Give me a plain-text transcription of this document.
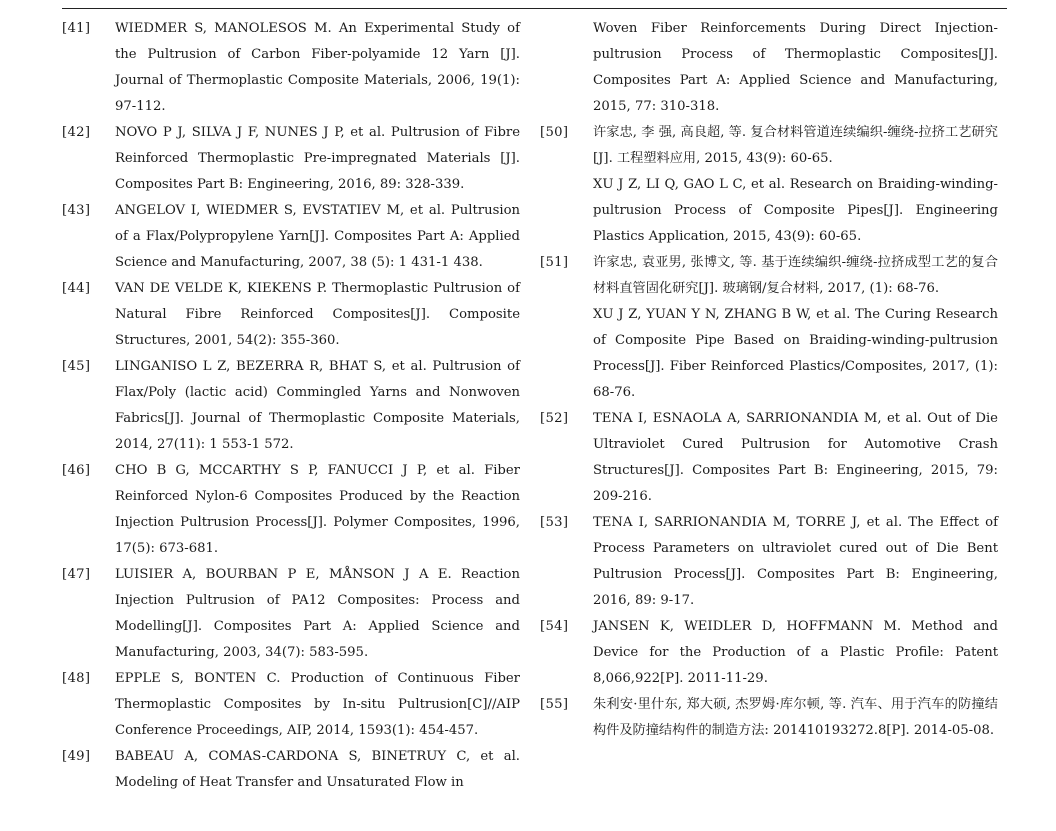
[41]	WIEDMER S, MANOLESOS M. An Experimental Study of the Pultrusion of Carbon Fiber-polyamide 12 Yarn [J]. Journal of Thermoplastic Composite Materials, 2006, 19(1): 97-112.
[42]	NOVO P J, SILVA J F, NUNES J P, et al. Pultrusion of Fibre Reinforced Thermoplastic Pre-impregnated Materials [J]. Composites Part B: Engineering, 2016, 89: 328-339.
[43]	ANGELOV I, WIEDMER S, EVSTATIEV M, et al. Pultrusion of a Flax/Polypropylene Yarn[J]. Composites Part A: Applied Science and Manufacturing, 2007, 38 (5): 1 431-1 438.
[44]	VAN DE VELDE K, KIEKENS P. Thermoplastic Pultrusion of Natural Fibre Reinforced Composites[J]. Composite Structures, 2001, 54(2): 355-360.
[45]	LINGANISO L Z, BEZERRA R, BHAT S, et al. Pultrusion of Flax/Poly (lactic acid) Commingled Yarns and Nonwoven Fabrics[J]. Journal of Thermoplastic Composite Materials, 2014, 27(11): 1 553-1 572.
[46]	CHO B G, MCCARTHY S P, FANUCCI J P, et al. Fiber Reinforced Nylon-6 Composites Produced by the Reaction Injection Pultrusion Process[J]. Polymer Composites, 1996, 17(5): 673-681.
[47]	LUISIER A, BOURBAN P E, MÅNSON J A E. Reaction Injection Pultrusion of PA12 Composites: Process and Modelling[J]. Composites Part A: Applied Science and Manufacturing, 2003, 34(7): 583-595.
[48]	EPPLE S, BONTEN C. Production of Continuous Fiber Thermoplastic Composites by In-situ Pultrusion[C]//AIP Conference Proceedings, AIP, 2014, 1593(1): 454-457.
[49]	BABEAU A, COMAS-CARDONA S, BINETRUY C, et al. Modeling of Heat Transfer and Unsaturated Flow in
Woven Fiber Reinforcements During Direct Injection-pultrusion Process of Thermoplastic Composites[J]. Composites Part A: Applied Science and Manufacturing, 2015, 77: 310-318.
[50]	许家忠, 李 强, 高良超, 等. 复合材料管道连续编织-缠绕-拉挤工艺研究[J]. 工程塑料应用, 2015, 43(9): 60-65.
XU J Z, LI Q, GAO L C, et al. Research on Braiding-winding-pultrusion Process of Composite Pipes[J]. Engineering Plastics Application, 2015, 43(9): 60-65.
[51]	许家忠, 袁亚男, 张博文, 等. 基于连续编织-缠绕-拉挤成型工艺的复合材料直管固化研究[J]. 玻璃钢/复合材料, 2017, (1): 68-76.
XU J Z, YUAN Y N, ZHANG B W, et al. The Curing Research of Composite Pipe Based on Braiding-winding-pultrusion Process[J]. Fiber Reinforced Plastics/Composites, 2017, (1): 68-76.
[52]	TENA I, ESNAOLA A, SARRIONANDIA M, et al. Out of Die Ultraviolet Cured Pultrusion for Automotive Crash Structures[J]. Composites Part B: Engineering, 2015, 79: 209-216.
[53]	TENA I, SARRIONANDIA M, TORRE J, et al. The Effect of Process Parameters on ultraviolet cured out of Die Bent Pultrusion Process[J]. Composites Part B: Engineering, 2016, 89: 9-17.
[54]	JANSEN K, WEIDLER D, HOFFMANN M. Method and Device for the Production of a Plastic Profile: Patent 8,066,922[P]. 2011-11-29.
[55]	朱利安·里什东, 郑大硕, 杰罗姆·库尔顿, 等. 汽车、用于汽车的防撞结构件及防撞结构件的制造方法: 201410193272.8[P]. 2014-05-08.
